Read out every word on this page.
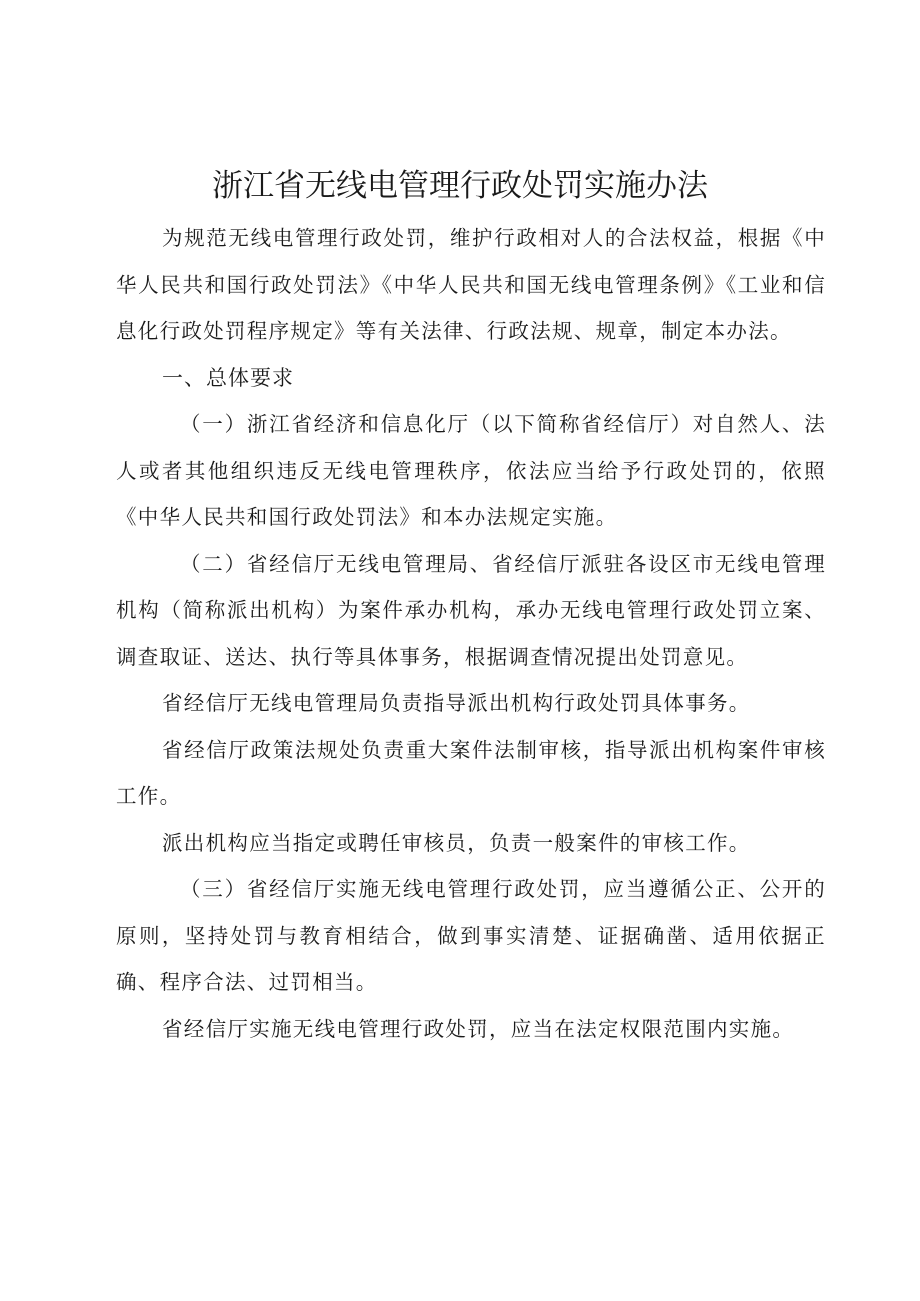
浙江省无线电管理行政处罚实施办法

为规范无线电管理行政处罚，维护行政相对人的合法权益，根据《中华人民共和国行政处罚法》《中华人民共和国无线电管理条例》《工业和信息化行政处罚程序规定》等有关法律、行政法规、规章，制定本办法。

一、总体要求

（一）浙江省经济和信息化厅（以下简称省经信厅）对自然人、法人或者其他组织违反无线电管理秩序，依法应当给予行政处罚的，依照《中华人民共和国行政处罚法》和本办法规定实施。

（二）省经信厅无线电管理局、省经信厅派驻各设区市无线电管理机构（简称派出机构）为案件承办机构，承办无线电管理行政处罚立案、调查取证、送达、执行等具体事务，根据调查情况提出处罚意见。

省经信厅无线电管理局负责指导派出机构行政处罚具体事务。

省经信厅政策法规处负责重大案件法制审核，指导派出机构案件审核工作。

派出机构应当指定或聘任审核员，负责一般案件的审核工作。

（三）省经信厅实施无线电管理行政处罚，应当遵循公正、公开的原则，坚持处罚与教育相结合，做到事实清楚、证据确凿、适用依据正确、程序合法、过罚相当。

省经信厅实施无线电管理行政处罚，应当在法定权限范围内实施。
